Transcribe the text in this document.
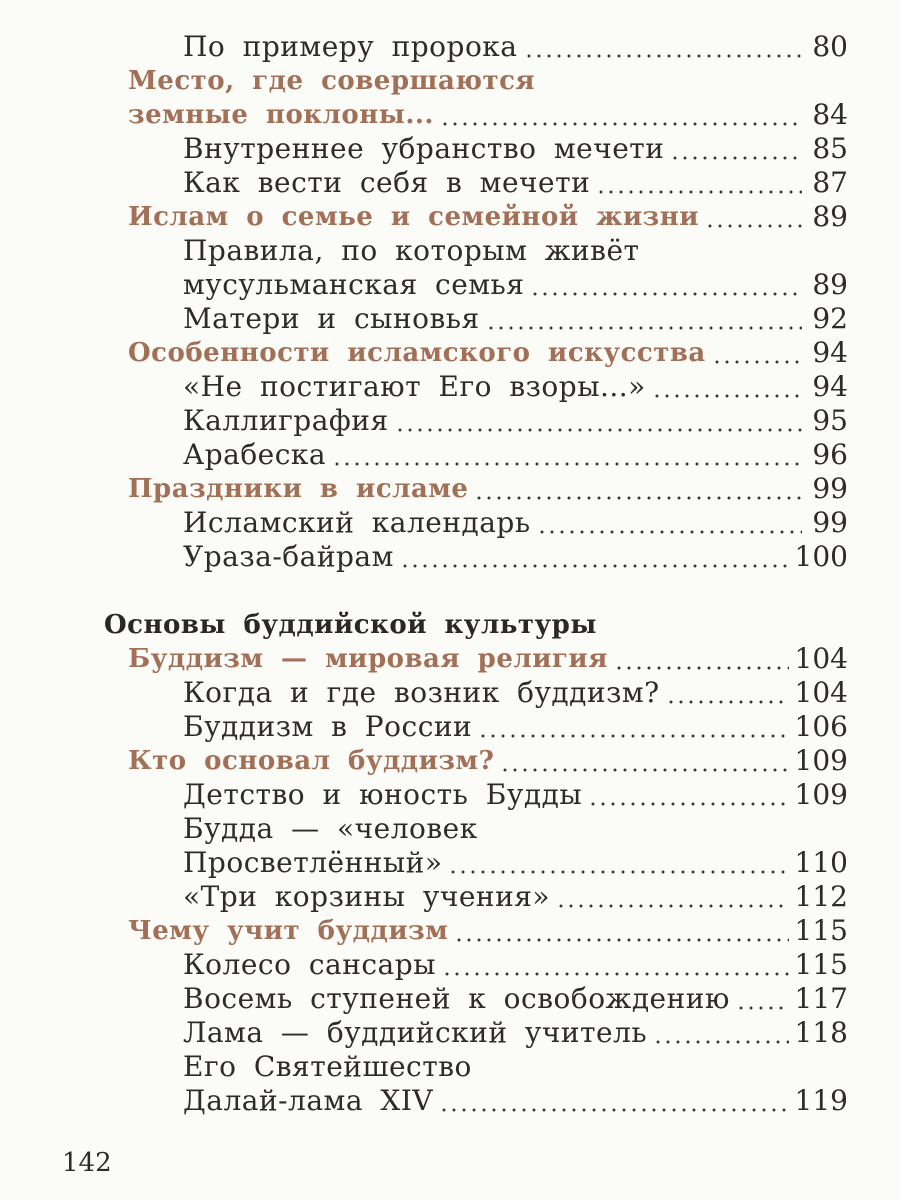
По примеру пророка	80
Место, где совершаются
земные поклоны...	84
Внутреннее убранство мечети	85
Как вести себя в мечети	87
Ислам о семье и семейной жизни	89
Правила, по которым живёт
мусульманская семья	89
Матери и сыновья	92
Особенности исламского искусства	94
«Не постигают Его взоры...»	94
Каллиграфия	95
Арабеска	96
Праздники в исламе	99
Исламский календарь	99
Ураза-байрам	100
Основы буддийской культуры
Буддизм — мировая религия	104
Когда и где возник буддизм?	104
Буддизм в России	106
Кто основал буддизм?	109
Детство и юность Будды	109
Будда — «человек
Просветлённый»	110
«Три корзины учения»	112
Чему учит буддизм	115
Колесо сансары	115
Восемь ступеней к освобождению 117
Лама — буддийский учитель	118
Его Святейшество
Далай-лама XIV	119
142
